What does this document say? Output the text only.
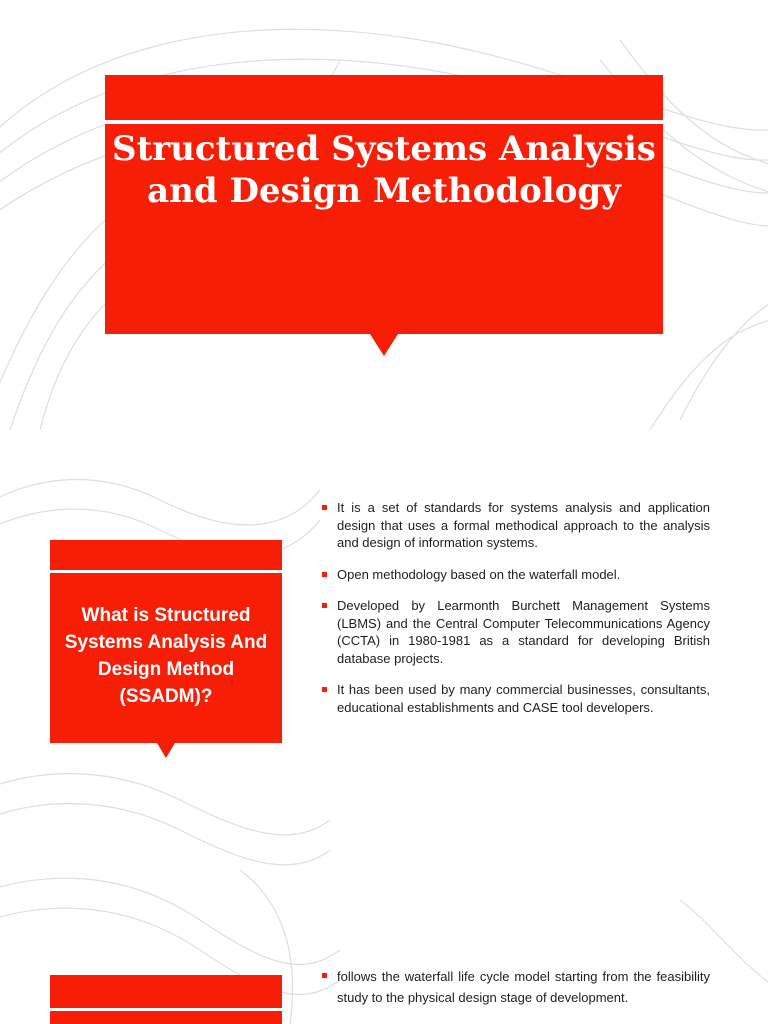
Structured Systems Analysis and Design Methodology
What is Structured Systems Analysis And Design Method (SSADM)?
It is a set of standards for systems analysis and application design that uses a formal methodical approach to the analysis and design of information systems.
Open methodology based on the waterfall model.
Developed by Learmonth Burchett Management Systems (LBMS) and the Central Computer Telecommunications Agency (CCTA) in 1980-1981 as a standard for developing British database projects.
It has been used by many commercial businesses, consultants, educational establishments and CASE tool developers.
follows the waterfall life cycle model starting from the feasibility study to the physical design stage of development.
